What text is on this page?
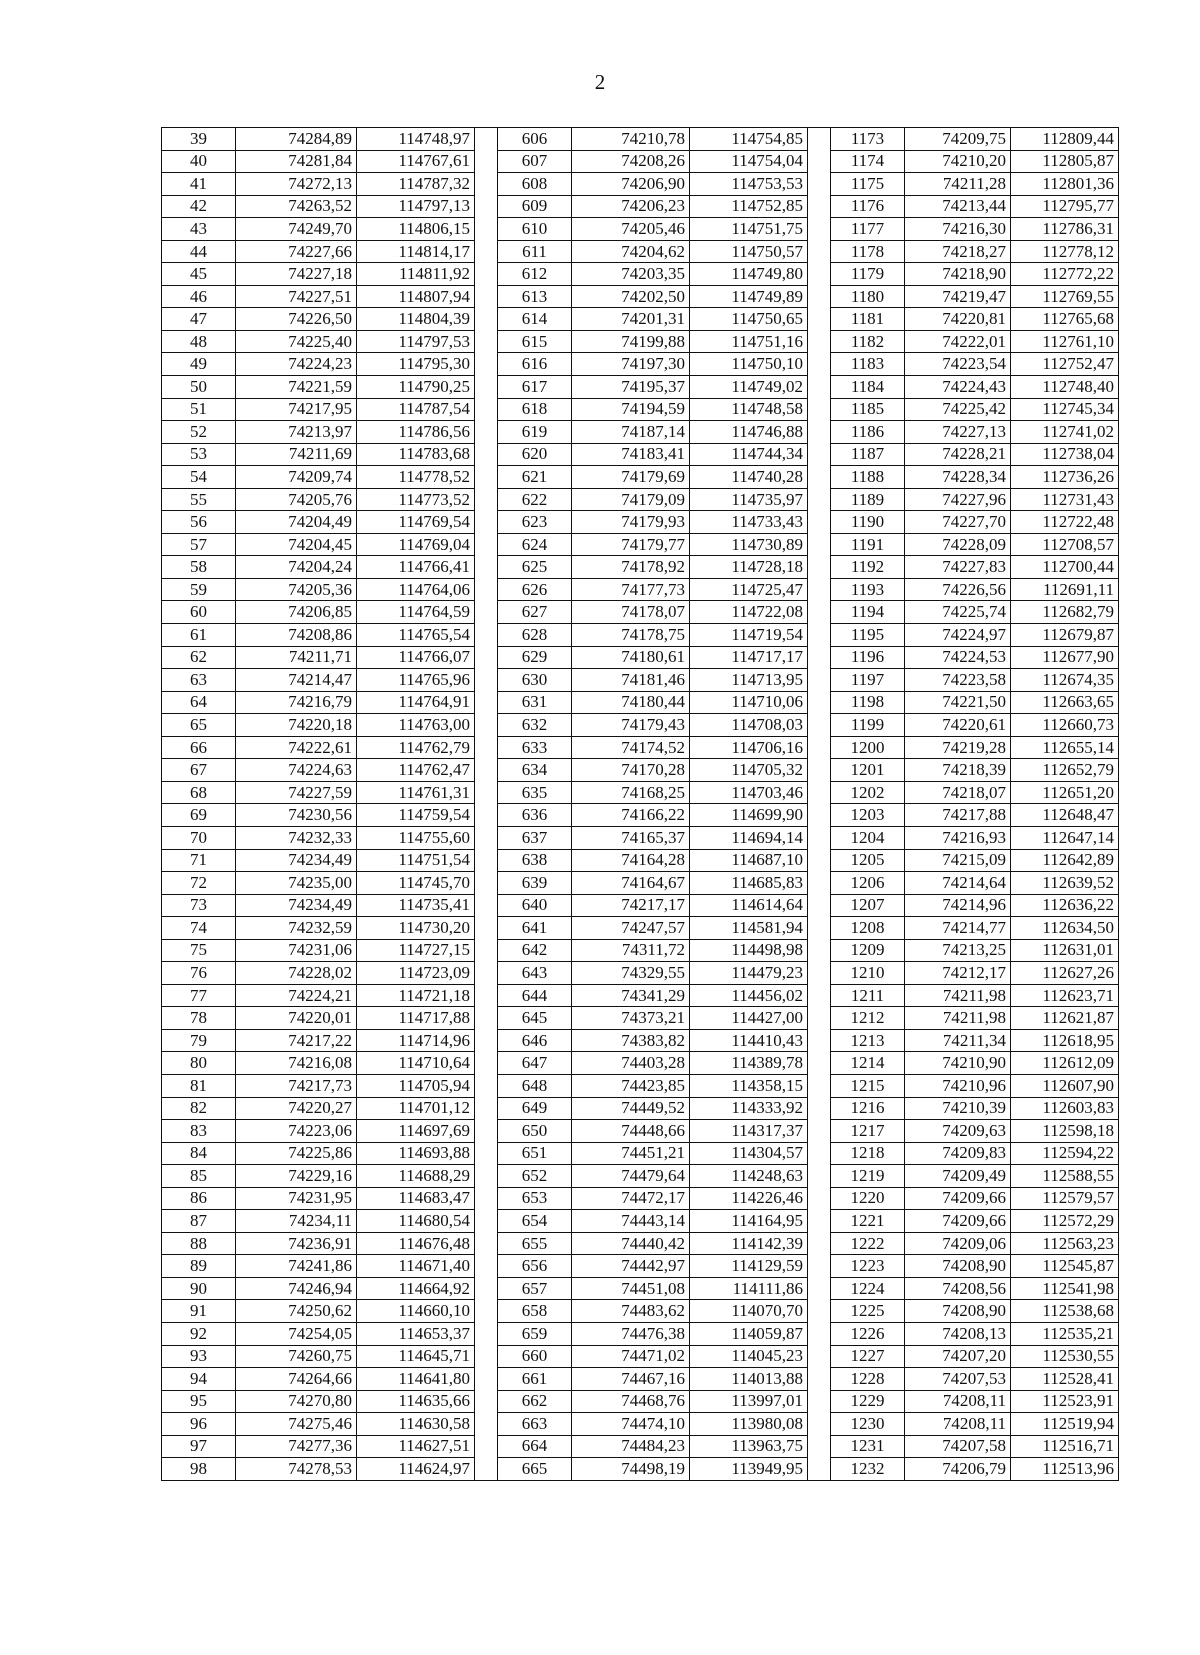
2
39	74284,89	114748,97		606	74210,78	114754,85		1173	74209,75	112809,44
40	74281,84	114767,61		607	74208,26	114754,04		1174	74210,20	112805,87
41	74272,13	114787,32		608	74206,90	114753,53		1175	74211,28	112801,36
42	74263,52	114797,13		609	74206,23	114752,85		1176	74213,44	112795,77
43	74249,70	114806,15		610	74205,46	114751,75		1177	74216,30	112786,31
44	74227,66	114814,17		611	74204,62	114750,57		1178	74218,27	112778,12
45	74227,18	114811,92		612	74203,35	114749,80		1179	74218,90	112772,22
46	74227,51	114807,94		613	74202,50	114749,89		1180	74219,47	112769,55
47	74226,50	114804,39		614	74201,31	114750,65		1181	74220,81	112765,68
48	74225,40	114797,53		615	74199,88	114751,16		1182	74222,01	112761,10
49	74224,23	114795,30		616	74197,30	114750,10		1183	74223,54	112752,47
50	74221,59	114790,25		617	74195,37	114749,02		1184	74224,43	112748,40
51	74217,95	114787,54		618	74194,59	114748,58		1185	74225,42	112745,34
52	74213,97	114786,56		619	74187,14	114746,88		1186	74227,13	112741,02
53	74211,69	114783,68		620	74183,41	114744,34		1187	74228,21	112738,04
54	74209,74	114778,52		621	74179,69	114740,28		1188	74228,34	112736,26
55	74205,76	114773,52		622	74179,09	114735,97		1189	74227,96	112731,43
56	74204,49	114769,54		623	74179,93	114733,43		1190	74227,70	112722,48
57	74204,45	114769,04		624	74179,77	114730,89		1191	74228,09	112708,57
58	74204,24	114766,41		625	74178,92	114728,18		1192	74227,83	112700,44
59	74205,36	114764,06		626	74177,73	114725,47		1193	74226,56	112691,11
60	74206,85	114764,59		627	74178,07	114722,08		1194	74225,74	112682,79
61	74208,86	114765,54		628	74178,75	114719,54		1195	74224,97	112679,87
62	74211,71	114766,07		629	74180,61	114717,17		1196	74224,53	112677,90
63	74214,47	114765,96		630	74181,46	114713,95		1197	74223,58	112674,35
64	74216,79	114764,91		631	74180,44	114710,06		1198	74221,50	112663,65
65	74220,18	114763,00		632	74179,43	114708,03		1199	74220,61	112660,73
66	74222,61	114762,79		633	74174,52	114706,16		1200	74219,28	112655,14
67	74224,63	114762,47		634	74170,28	114705,32		1201	74218,39	112652,79
68	74227,59	114761,31		635	74168,25	114703,46		1202	74218,07	112651,20
69	74230,56	114759,54		636	74166,22	114699,90		1203	74217,88	112648,47
70	74232,33	114755,60		637	74165,37	114694,14		1204	74216,93	112647,14
71	74234,49	114751,54		638	74164,28	114687,10		1205	74215,09	112642,89
72	74235,00	114745,70		639	74164,67	114685,83		1206	74214,64	112639,52
73	74234,49	114735,41		640	74217,17	114614,64		1207	74214,96	112636,22
74	74232,59	114730,20		641	74247,57	114581,94		1208	74214,77	112634,50
75	74231,06	114727,15		642	74311,72	114498,98		1209	74213,25	112631,01
76	74228,02	114723,09		643	74329,55	114479,23		1210	74212,17	112627,26
77	74224,21	114721,18		644	74341,29	114456,02		1211	74211,98	112623,71
78	74220,01	114717,88		645	74373,21	114427,00		1212	74211,98	112621,87
79	74217,22	114714,96		646	74383,82	114410,43		1213	74211,34	112618,95
80	74216,08	114710,64		647	74403,28	114389,78		1214	74210,90	112612,09
81	74217,73	114705,94		648	74423,85	114358,15		1215	74210,96	112607,90
82	74220,27	114701,12		649	74449,52	114333,92		1216	74210,39	112603,83
83	74223,06	114697,69		650	74448,66	114317,37		1217	74209,63	112598,18
84	74225,86	114693,88		651	74451,21	114304,57		1218	74209,83	112594,22
85	74229,16	114688,29		652	74479,64	114248,63		1219	74209,49	112588,55
86	74231,95	114683,47		653	74472,17	114226,46		1220	74209,66	112579,57
87	74234,11	114680,54		654	74443,14	114164,95		1221	74209,66	112572,29
88	74236,91	114676,48		655	74440,42	114142,39		1222	74209,06	112563,23
89	74241,86	114671,40		656	74442,97	114129,59		1223	74208,90	112545,87
90	74246,94	114664,92		657	74451,08	114111,86		1224	74208,56	112541,98
91	74250,62	114660,10		658	74483,62	114070,70		1225	74208,90	112538,68
92	74254,05	114653,37		659	74476,38	114059,87		1226	74208,13	112535,21
93	74260,75	114645,71		660	74471,02	114045,23		1227	74207,20	112530,55
94	74264,66	114641,80		661	74467,16	114013,88		1228	74207,53	112528,41
95	74270,80	114635,66		662	74468,76	113997,01		1229	74208,11	112523,91
96	74275,46	114630,58		663	74474,10	113980,08		1230	74208,11	112519,94
97	74277,36	114627,51		664	74484,23	113963,75		1231	74207,58	112516,71
98	74278,53	114624,97		665	74498,19	113949,95		1232	74206,79	112513,96
